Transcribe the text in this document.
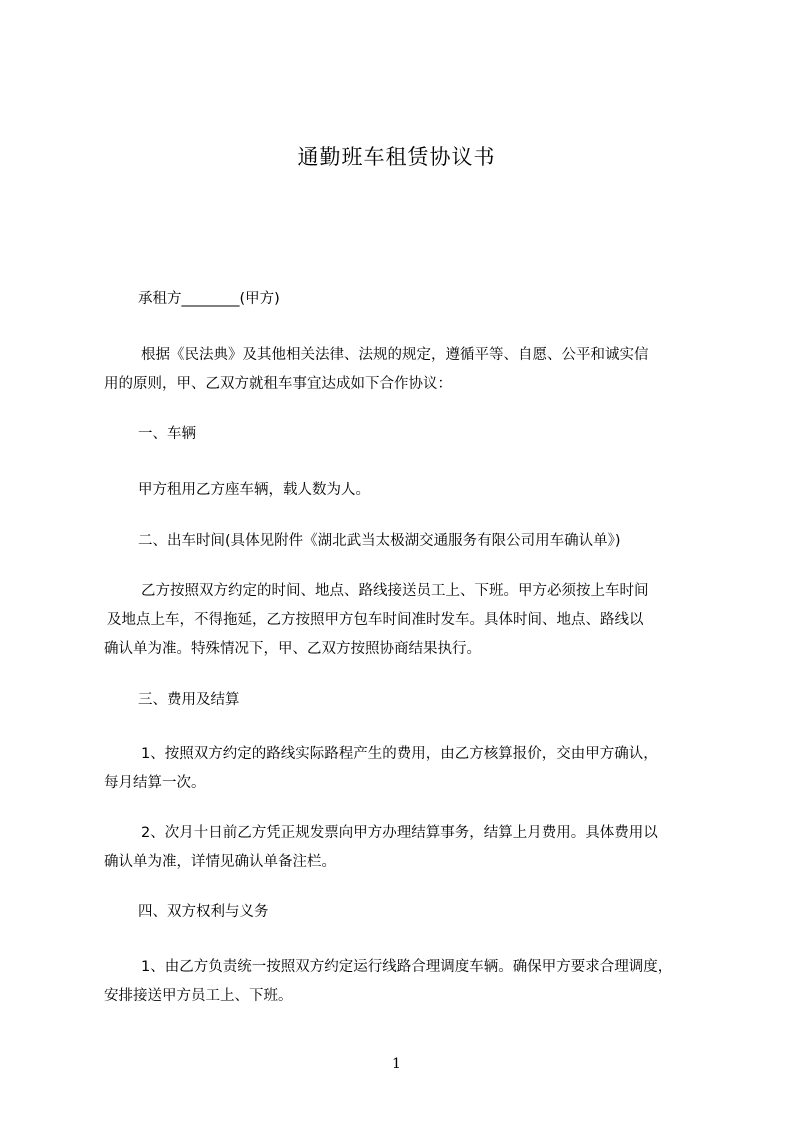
通勤班车租赁协议书
承租方________(甲方)
根据《民法典》及其他相关法律、法规的规定，遵循平等、自愿、公平和诚实信
用的原则，甲、乙双方就租车事宜达成如下合作协议：
一、车辆
甲方租用乙方座车辆，载人数为人。
二、出车时间(具体见附件《湖北武当太极湖交通服务有限公司用车确认单》)
乙方按照双方约定的时间、地点、路线接送员工上、下班。甲方必须按上车时间
及地点上车，不得拖延，乙方按照甲方包车时间准时发车。具体时间、地点、路线以
确认单为准。特殊情况下，甲、乙双方按照协商结果执行。
三、费用及结算
1、按照双方约定的路线实际路程产生的费用，由乙方核算报价，交由甲方确认，
每月结算一次。
2、次月十日前乙方凭正规发票向甲方办理结算事务，结算上月费用。具体费用以
确认单为准，详情见确认单备注栏。
四、双方权利与义务
1、由乙方负责统一按照双方约定运行线路合理调度车辆。确保甲方要求合理调度，
安排接送甲方员工上、下班。
1
